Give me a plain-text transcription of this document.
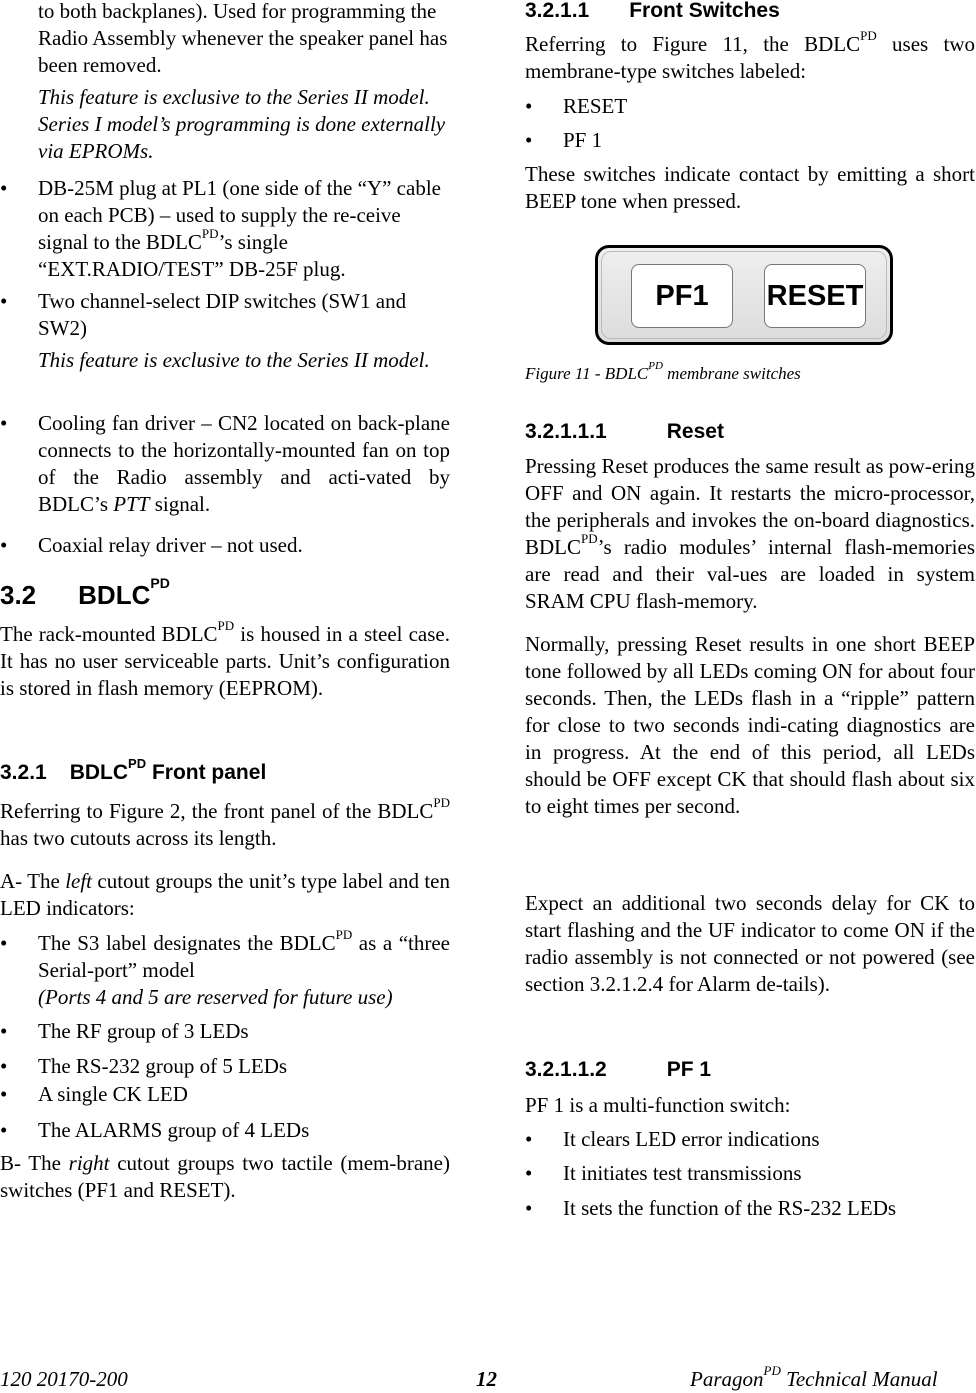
to both backplanes). Used for programming the Radio Assembly whenever the speaker panel has been removed.

This feature is exclusive to the Series II model. Series I model’s programming is done externally via EPROMs.

• DB-25M plug at PL1 (one side of the “Y” cable on each PCB) – used to supply the re-ceive signal to the $BDLC^{PD}’s$ single “EXT.RADIO/TEST” DB-25F plug.
• Two channel-select DIP switches (SW1 and SW2)

This feature is exclusive to the Series II model.

• Cooling fan driver – CN2 located on back-plane connects to the horizontally-mounted fan on top of the Radio assembly and acti-vated by BDLC’s PTT signal.
• Coaxial relay driver – not used.
3.2 $BDLC^{PD}$

The rack-mounted $BDLC^{PD}$ is housed in a steel case. It has no user serviceable parts. Unit’s configuration is stored in flash memory (EEPROM).

3.2.1 $BDLC^{PD}$ Front panel

Referring to Figure 2, the front panel of the $BDLC^{PD}$ has two cutouts across its length.

A- The left cutout groups the unit’s type label and ten LED indicators:

• The S3 label designates the $BDLC^{PD}$ as a “three Serial-port” model

(Ports 4 and 5 are reserved for future use)

• The RF group of 3 LEDs
• The RS-232 group of 5 LEDs
• A single CK LED
• The ALARMS group of 4 LEDs

B- The right cutout groups two tactile (mem-brane) switches (PF1 and RESET).

3.2.1.1 Front Switches

Referring to Figure 11, the $BDLC^{PD}$ uses two membrane-type switches labeled:

• RESET
• PF 1

These switches indicate contact by emitting a short BEEP tone when pressed.

Figure $11 - BDLC^{PD}$ membrane switches

3.2.1.1.1	Reset

Pressing Reset produces the same result as pow-ering OFF and ON again. It restarts the micro-processor, the peripherals and invokes the on-board diagnostics. $BDLC^{PD}’s$ radio modules’ internal flash-memories are read and their val-ues are loaded in system SRAM CPU flash-memory.

Normally, pressing Reset results in one short BEEP tone followed by all LEDs coming ON for about four seconds. Then, the LEDs flash in a “ripple” pattern for close to two seconds indi-cating diagnostics are in progress. At the end of this period, all LEDs should be OFF except CK that should flash about six to eight times per second.

Expect an additional two seconds delay for CK to start flashing and the UF indicator to come ON if the radio assembly is not connected or not powered (see section 3.2.1.2.4 for Alarm de-tails).

3.2.1.1.2	PF 1

PF 1 is a multi-function switch:

• It clears LED error indications
• It initiates test transmissions
• It sets the function of the RS-232 LEDs
PF1	RESET
120 20170-200	12	Paragon$^{PD}$ Technical Manual
